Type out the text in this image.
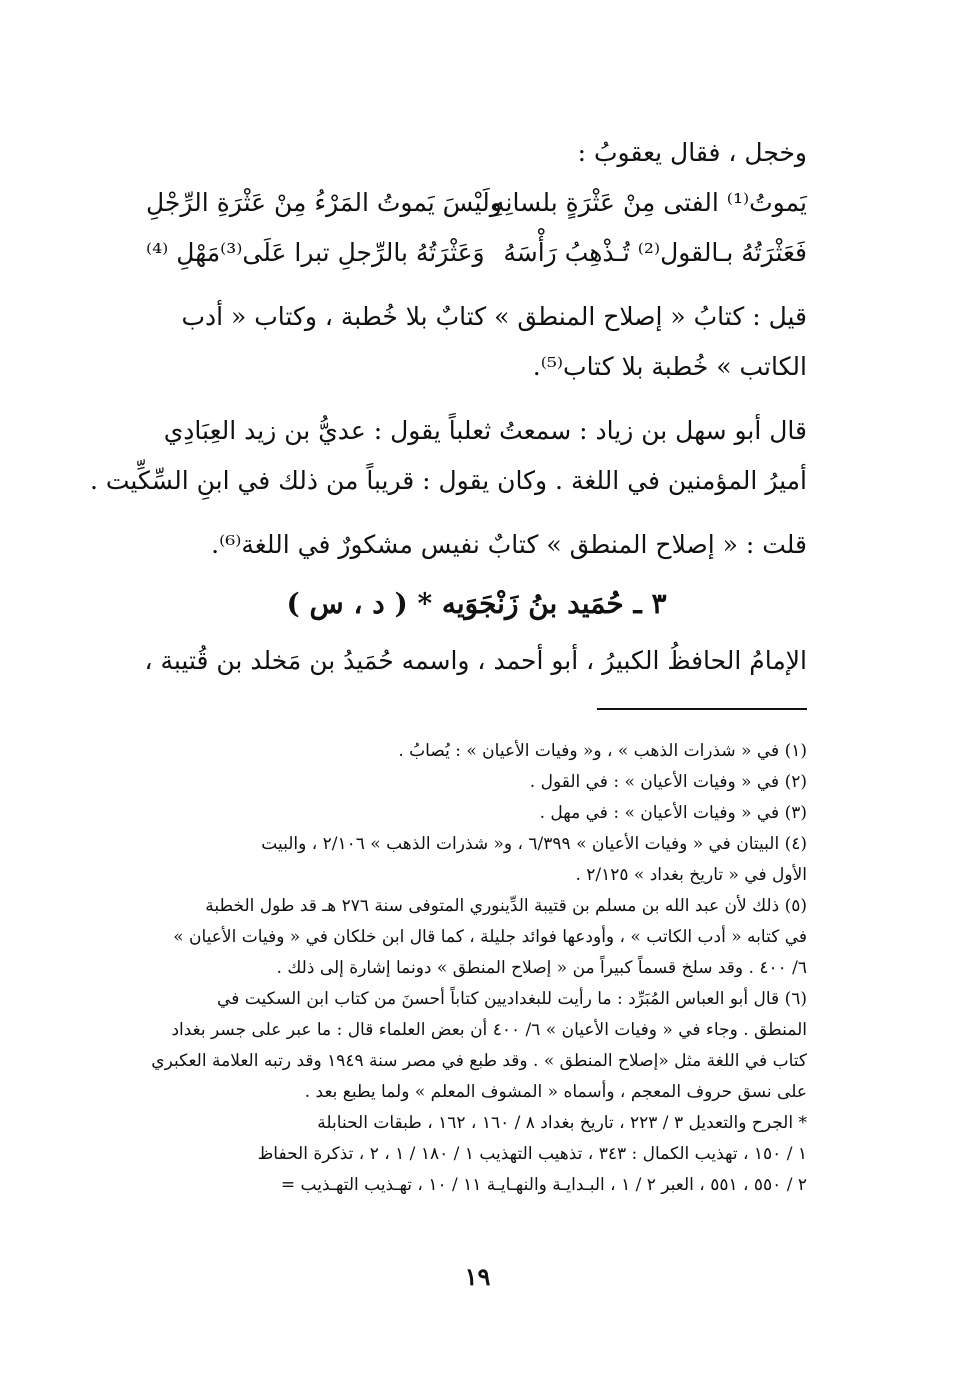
وخجل ، فقال يعقوبُ :
يَموتُ⁽¹⁾ الفتى مِنْ عَثْرَةٍ بلسانِهِ
ولَيْسَ يَموتُ المَرْءُ مِنْ عَثْرَةِ الرِّجْلِ
فَعَثْرَتُهُ بـالقول⁽²⁾ تُـذْهِبُ رَأْسَهُ
وَعَثْرَتُهُ بالرِّجلِ تبرا عَلَى⁽³⁾مَهْلِ ⁽⁴⁾
قيل : كتابُ « إصلاح المنطق » كتابٌ بلا خُطبة ، وكتاب « أدب
الكاتب » خُطبة بلا كتاب⁽⁵⁾.
قال أبو سهل بن زياد : سمعتُ ثعلباً يقول : عديُّ بن زيد العِبَادِي
أميرُ المؤمنين في اللغة . وكان يقول : قريباً من ذلك في ابنِ السِّكِّيت .
قلت : « إصلاح المنطق » كتابٌ نفيس مشكورٌ في اللغة⁽⁶⁾.
٣ ـ حُمَيد بنُ زَنْجَوَيه * ( د ، س )
الإمامُ الحافظُ الكبيرُ ، أبو أحمد ، واسمه حُمَيدُ بن مَخلد بن قُتيبة ،
(١) في « شذرات الذهب » ، و« وفيات الأعيان » : يُصابُ .
(٢) في « وفيات الأعيان » : في القول .
(٣) في « وفيات الأعيان » : في مهل .
(٤) البيتان في « وفيات الأعيان » ٦/٣٩٩ ، و« شذرات الذهب » ٢/١٠٦ ، والبيت
الأول في « تاريخ بغداد » ٢/١٢٥ .
(٥) ذلك لأن عبد الله بن مسلم بن قتيبة الدِّينوري المتوفى سنة ٢٧٦ هـ قد طول الخطبة
في كتابه « أدب الكاتب » ، وأودعها فوائد جليلة ، كما قال ابن خلكان في « وفيات الأعيان »
٦/ ٤٠٠ . وقد سلخ قسماً كبيراً من « إصلاح المنطق » دونما إشارة إلى ذلك .
(٦) قال أبو العباس المُبَرِّد : ما رأيت للبغداديين كتاباً أحسنَ من كتاب ابن السكيت في
المنطق . وجاء في « وفيات الأعيان » ٦/ ٤٠٠ أن بعض العلماء قال : ما عبر على جسر بغداد
كتاب في اللغة مثل «إصلاح المنطق » . وقد طبع في مصر سنة ١٩٤٩ وقد رتبه العلامة العكبري
على نسق حروف المعجم ، وأسماه « المشوف المعلم » ولما يطبع بعد .
* الجرح والتعديل ٣ / ٢٢٣ ، تاريخ بغداد ٨ / ١٦٠ ، ١٦٢ ، طبقات الحنابلة
١ / ١٥٠ ، تهذيب الكمال : ٣٤٣ ، تذهيب التهذيب ١ / ١٨٠ / ١ ، ٢ ، تذكرة الحفاظ
٢ / ٥٥٠ ، ٥٥١ ، العبر ٢ / ١ ، البـدايـة والنهـايـة ١١ / ١٠ ، تهـذيب التهـذيب =
١٩
